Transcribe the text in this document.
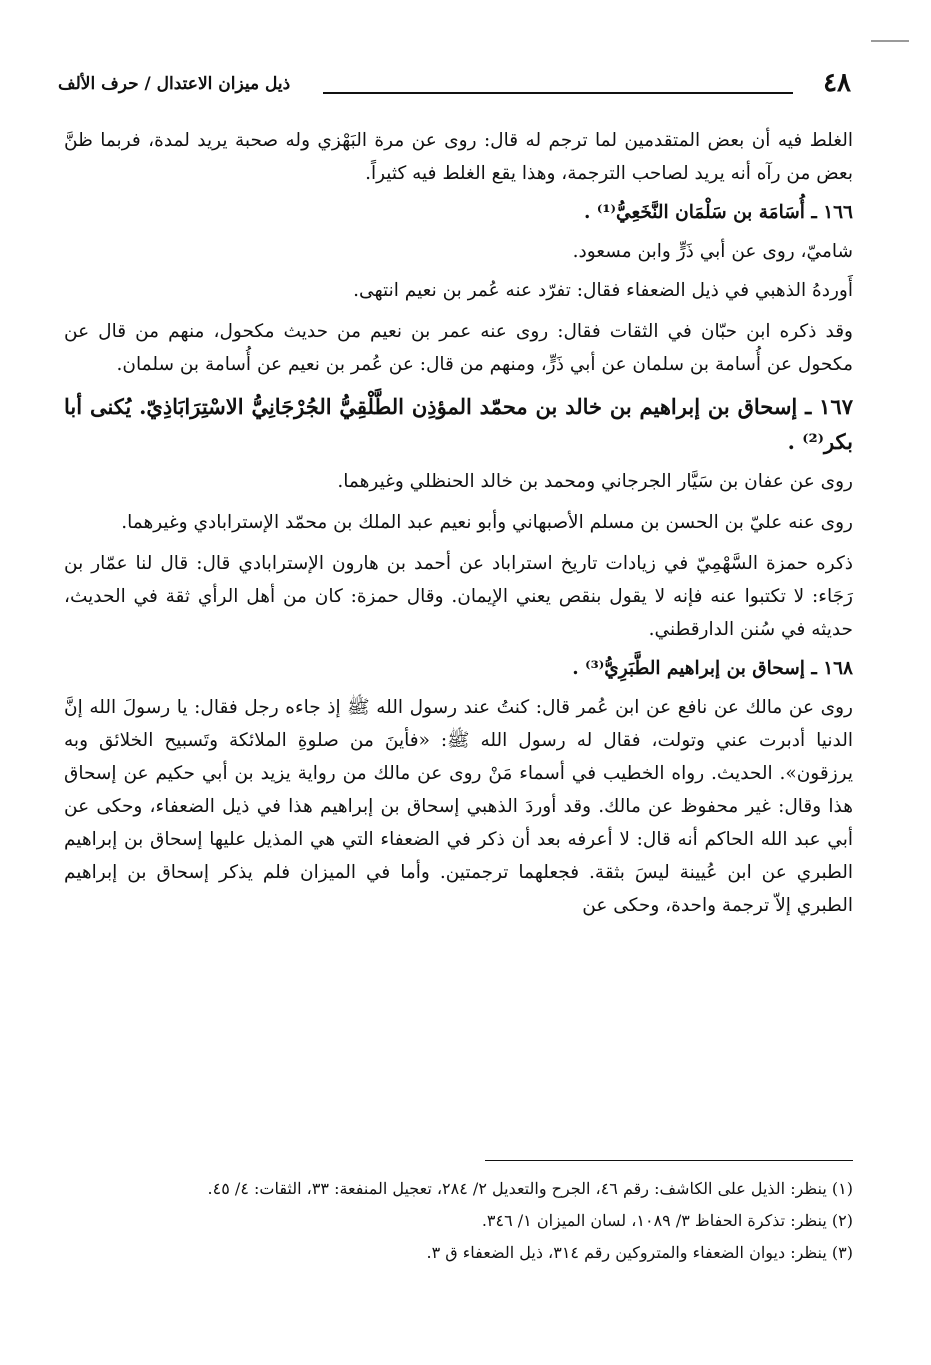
٤٨
ذيل ميزان الاعتدال / حرف الألف

الغلط فيه أن بعض المتقدمين لما ترجم له قال: روى عن مرة البَهْزي وله صحبة يريد لمدة، فربما ظنَّ بعض من رآه أنه يريد لصاحب الترجمة، وهذا يقع الغلط فيه كثيراً.

١٦٦ ـ أُسَامَة بن سَلْمَان النَّخَعِيُّ⁽¹⁾ .

شاميّ، روى عن أبي ذَرٍّ وابن مسعود.

أَوردهُ الذهبي في ذيل الضعفاء فقال: تفرّد عنه عُمر بن نعيم انتهى.

وقد ذكره ابن حبّان في الثقات فقال: روى عنه عمر بن نعيم من حديث مكحول، منهم من قال عن مكحول عن أُسامة بن سلمان عن أبي ذَرٍّ، ومنهم من قال: عن عُمر بن نعيم عن أُسامة بن سلمان.

١٦٧ ـ إسحاق بن إبراهيم بن خالد بن محمّد المؤذِن الطَّلْقِيُّ الجُرْجَانِيُّ الاسْتِرَابَاذِيّ. يُكنى أبا بكر⁽²⁾ .

روى عن عفان بن سَيَّار الجرجاني ومحمد بن خالد الحنظلي وغيرهما.

روى عنه عليّ بن الحسن بن مسلم الأصبهاني وأبو نعيم عبد الملك بن محمّد الإسترابادي وغيرهما.

ذكره حمزة السَّهْمِيّ في زيادات تاريخ استراباد عن أحمد بن هارون الإسترابادي قال: قال لنا عمّار بن رَجَاء: لا تكتبوا عنه فإنه لا يقول بنقص يعني الإيمان. وقال حمزة: كان من أهل الرأي ثقة في الحديث، حديثه في سُنن الدارقطني.

١٦٨ ـ إسحاق بن إبراهيم الطَّبَرِيُّ⁽³⁾ .

روى عن مالك عن نافع عن ابن عُمر قال: كنتُ عند رسول الله ﷺ إذ جاءه رجل فقال: يا رسولَ الله إنَّ الدنيا أدبرت عني وتولت، فقال له رسول الله ﷺ: «فأينَ من صلوةِ الملائكة وتَسبيح الخلائق وبه يرزقون». الحديث. رواه الخطيب في أسماء مَنْ روى عن مالك من رواية يزيد بن أبي حكيم عن إسحاق هذا وقال: غير محفوظ عن مالك. وقد أوردَ الذهبي إسحاق بن إبراهيم هذا في ذيل الضعفاء، وحكى عن أبي عبد الله الحاكم أنه قال: لا أعرفه بعد أن ذكر في الضعفاء التي هي المذيل عليها إسحاق بن إبراهيم الطبري عن ابن عُيينة ليسَ بثقة. فجعلهما ترجمتين. وأما في الميزان فلم يذكر إسحاق بن إبراهيم الطبري إلاّ ترجمة واحدة، وحكى عن

(١) ينظر: الذيل على الكاشف: رقم ٤٦، الجرح والتعديل ٢/ ٢٨٤، تعجيل المنفعة: ٣٣، الثقات: ٤/ ٤٥.

(٢) ينظر: تذكرة الحفاظ ٣/ ١٠٨٩، لسان الميزان ١/ ٣٤٦.

(٣) ينظر: ديوان الضعفاء والمتروكين رقم ٣١٤، ذيل الضعفاء ق ٣.
